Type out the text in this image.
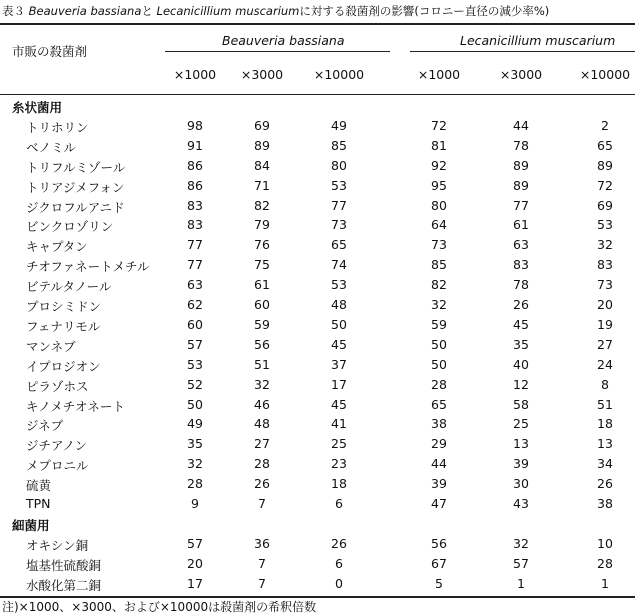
表３ Beauveria bassianaと Lecanicillium muscariumに対する殺菌剤の影響(コロニー直径の減少率%)
市販の殺菌剤
Beauveria bassiana	Lecanicillium muscarium
×1000	×3000	×10000	×1000	×3000	×10000
糸状菌用
トリホリン	98	69	49	72	44	2
ベノミル	91	89	85	81	78	65
トリフルミゾール	86	84	80	92	89	89
トリアジメフォン	86	71	53	95	89	72
ジクロフルアニド	83	82	77	80	77	69
ビンクロゾリン	83	79	73	64	61	53
キャプタン	77	76	65	73	63	32
チオファネートメチル	77	75	74	85	83	83
ビテルタノール	63	61	53	82	78	73
プロシミドン	62	60	48	32	26	20
フェナリモル	60	59	50	59	45	19
マンネブ	57	56	45	50	35	27
イプロジオン	53	51	37	50	40	24
ピラゾホス	52	32	17	28	12	8
キノメチオネート	50	46	45	65	58	51
ジネブ	49	48	41	38	25	18
ジチアノン	35	27	25	29	13	13
メプロニル	32	28	23	44	39	34
硫黄	28	26	18	39	30	26
TPN	9	7	6	47	43	38
細菌用
オキシン銅	57	36	26	56	32	10
塩基性硫酸銅	20	7	6	67	57	28
水酸化第二銅	17	7	0	5	1	1
注)×1000、×3000、および×10000は殺菌剤の希釈倍数
